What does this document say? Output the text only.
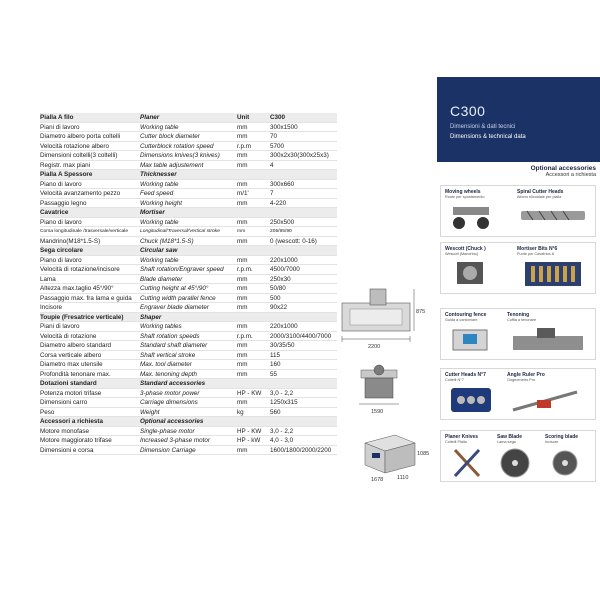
Pialla A filo	Planer	Unit	C300
Piani di lavoro	Working table	mm	300x1500
Diametro albero porta coltelli	Cutter block diameter	mm	70
Velocità rotazione albero	Cutterblock rotation speed	r.p.m	5700
Dimensioni coltelli(3 coltelli)	Dimensions knives(3 knives)	mm	300x2x30(300x25x3)
Registr. max piani	Max table adjustement	mm	4
Pialla A Spessore	Thicknesser
Piano di lavoro	Working table	mm	300x660
Velocità avanzamento pezzo	Feed speed	m/1'	7
Passaggio legno	Working height	mm	4-220
Cavatrice	Mortiser
Piano di lavoro	Working table	mm	250x500
Corsa longitudinale /trasversale/verticale	Longitudinal/Traversal/Vertical stroke	mm	205/95/90
Mandrino(M18*1.5-S)	Chuck (M18*1.5-S)	mm	0 (wescott: 0-16)
Sega circolare	Circular saw
Piano di lavoro	Working table	mm	220x1000
Velocità di rotazione/incisore	Shaft rotation/Engraver speed	r.p.m.	4500/7000
Lama	Blade diameter	mm	250x30
Altezza max.taglio 45°/90°	Cutting height at 45°/90°	mm	50/80
Passaggio max. fra lama e guida	Cutting width parallel fence	mm	500
Incisore	Engraver blade diameter	mm	90x22
Toupie (Fresatrice verticale)	Shaper
Piani di lavoro	Working tables	mm	220x1000
Velocità di rotazione	Shaft rotation speeds	r.p.m.	2000/3100/4400/7000
Diametro albero standard	Standard shaft diameter	mm	30/35/50
Corsa verticale albero	Shaft vertical stroke	mm	115
Diametro max utensile	Max. tool diameter	mm	160
Profondità tenonare max.	Max. tenoning depth	mm	55
Dotazioni standard	Standard accessories
Potenza motori trifase	3-phase motor power	HP - KW	3,0 - 2,2
Dimensioni carro	Carriage dimensions	mm	1250x315
Peso	Weight	kg	560
Accessori a richiesta	Optional accessories
Motore monofase	Single-phase motor	HP - KW	3,0 - 2,2
Motore maggiorato trifase	Increased 3-phase motor	HP - kW	4,0 - 3,0
Dimensioni e corsa	Dimension Carriage	mm	1600/1800/2000/2200
C300
Dimensioni & dati tecnici
Dimensions & technical data
2200
875
1590
1678	1110
1085
Optional accessories
Accessori a richiesta
Moving wheels
Ruote per spostamento
Spiral Cutter Heads
Albero elicoidale per pialla
Wescott (Chuck )
Wescott (Mandrino)
Mortiser Bits N°6
Punte per Cavatrice-6
Contouring fence
Guida a contornare
Tenoning
Cuffia a tenonare
Cutter Heads N°7
Coltelli N°7
Angle Ruler Pro
Gognometro Pro
Planer Knives
Coltelli Pialla
Saw Blade
Lama sega
Scoring blade
Incisore
